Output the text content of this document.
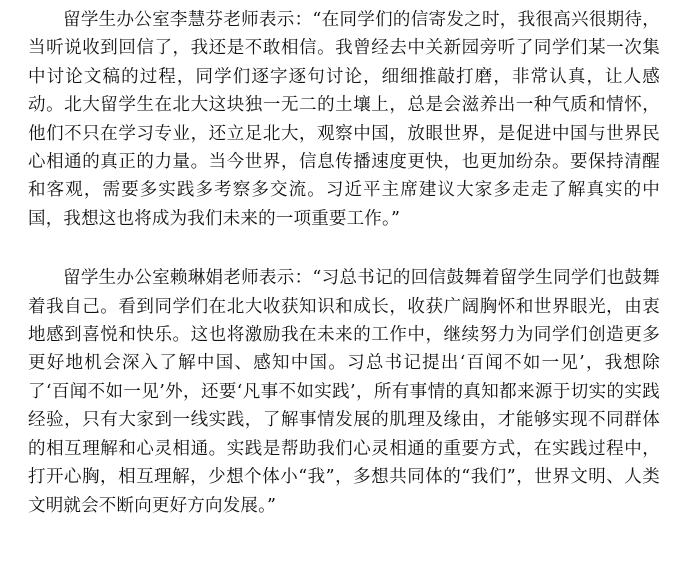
留学生办公室李慧芬老师表示：“在同学们的信寄发之时，我很高兴很期待，当听说收到回信了，我还是不敢相信。我曾经去中关新园旁听了同学们某一次集中讨论文稿的过程，同学们逐字逐句讨论，细细推敲打磨，非常认真，让人感动。北大留学生在北大这块独一无二的土壤上，总是会滋养出一种气质和情怀，他们不只在学习专业，还立足北大，观察中国，放眼世界，是促进中国与世界民心相通的真正的力量。当今世界，信息传播速度更快，也更加纷杂。要保持清醒和客观，需要多实践多考察多交流。习近平主席建议大家多走走了解真实的中国，我想这也将成为我们未来的一项重要工作。”

留学生办公室赖琳娟老师表示：“习总书记的回信鼓舞着留学生同学们也鼓舞着我自己。看到同学们在北大收获知识和成长，收获广阔胸怀和世界眼光，由衷地感到喜悦和快乐。这也将激励我在未来的工作中，继续努力为同学们创造更多更好地机会深入了解中国、感知中国。习总书记提出‘百闻不如一见’，我想除了‘百闻不如一见’外，还要‘凡事不如实践’，所有事情的真知都来源于切实的实践经验，只有大家到一线实践，了解事情发展的肌理及缘由，才能够实现不同群体的相互理解和心灵相通。实践是帮助我们心灵相通的重要方式，在实践过程中，打开心胸，相互理解，少想个体小“我”，多想共同体的“我们”，世界文明、人类文明就会不断向更好方向发展。”
